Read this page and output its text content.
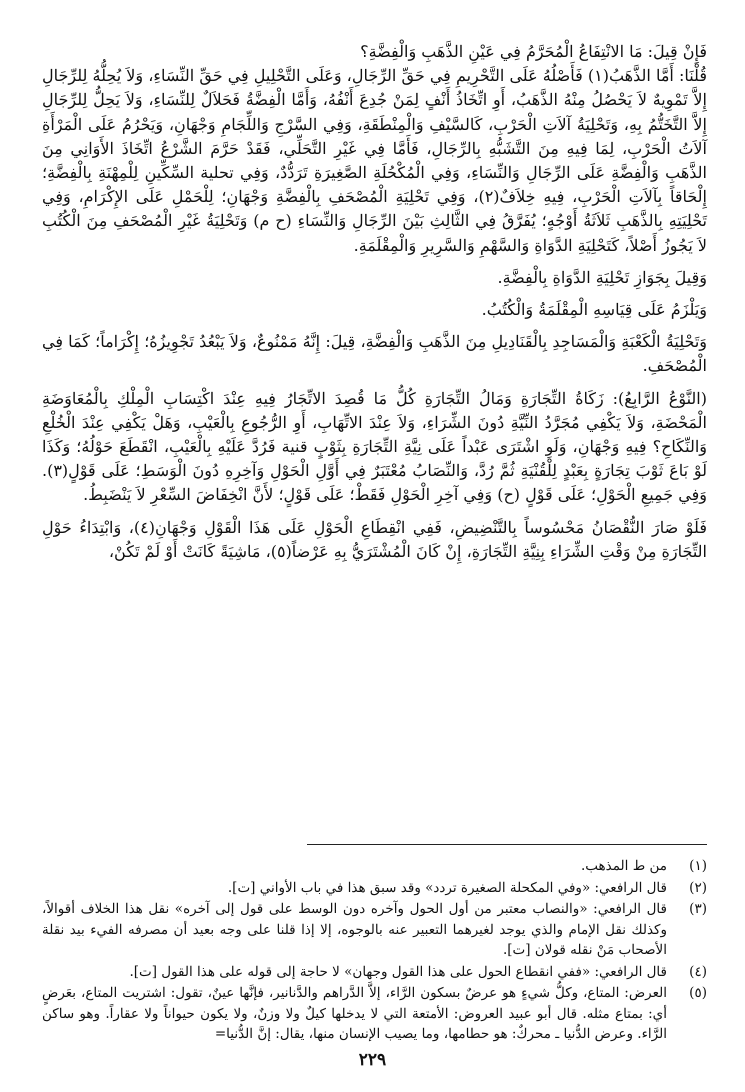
فَإِنْ قِيلَ: مَا الانْتِفَاعُ الْمُحَرَّمُ فِي عَيْنِ الذَّهَبِ وَالْفِضَّةِ؟

قُلْنَا: أَمَّا الذَّهَبُ(١) فَأَصْلُهُ عَلَى التَّحْرِيمِ فِي حَقِّ الرِّجَالِ، وَعَلَى التَّحْلِيلِ فِي حَقِّ النِّسَاءِ، وَلاَ يُحِلُّهُ لِلرِّجَالِ إِلاَّ تَمْوِيهٌ لاَ يَحْصُلُ مِنْهُ الذَّهَبُ، أَوِ اتِّخَاذُ أَنْفٍ لِمَنْ جُدِعَ أَنْفُهُ، وَأَمَّا الْفِضَّةُ فَحَلاَلٌ لِلنِّسَاءِ، وَلاَ يَحِلُّ لِلرِّجَالِ إِلاَّ التَّخَتُّمُ بِهِ، وَتَحْلِيَةُ آلاَتِ الْحَرْبِ، كَالسَّيْفِ وَالْمِنْطَقَةِ، وَفِي السَّرْجِ وَاللِّجَامِ وَجْهَانِ، وَيَحْرُمُ عَلَى الْمَرْأَةِ آلاَتُ الْحَرْبِ، لِمَا فِيهِ مِنَ التَّشَبُّهِ بِالرِّجَالِ، فَأَمَّا فِي غَيْرِ التَّحَلِّي، فَقَدْ حَرَّمَ الشَّرْعُ اتِّخَاذَ الأَوَانِي مِنَ الذَّهَبِ وَالْفِضَّةِ عَلَى الرِّجَالِ وَالنِّسَاءِ، وَفِي الْمُكْحُلَةِ الصَّغِيرَةِ تَرَدُّدٌ، وَفِي تحلية السِّكِّينِ لِلْمِهْنَةِ بِالْفِضَّةِ؛ إِلْحَاقاً بِآلاَتِ الْحَرْبِ، فِيهِ خِلاَفٌ(٢)، وَفِي تَحْلِيَةِ الْمُصْحَفِ بِالْفِضَّةِ وَجْهَانِ؛ لِلْحَمْلِ عَلَى الإِكْرَامِ، وَفِي تَحْلِيَتِهِ بِالذَّهَبِ ثَلاَثَةُ أَوْجُهٍ؛ يُفَرَّقُ فِي الثَّالِثِ بَيْنَ الرِّجَالِ وَالنِّسَاءِ (ح م) وَتَحْلِيَةُ غَيْرِ الْمُصْحَفِ مِنَ الْكُتُبِ لاَ يَجُوزُ أَصْلاً، كَتَحْلِيَةِ الدَّوَاةِ وَالسَّهْمِ وَالسَّرِيرِ وَالْمِقْلَمَةِ.

وَقِيلَ بِجَوَازِ تَحْلِيَةِ الدَّوَاةِ بِالْفِضَّةِ.

وَيَلْزَمُ عَلَى قِيَاسِهِ الْمِقْلَمَةُ وَالْكُتُبُ.

وَتَحْلِيَةُ الْكَعْبَةِ وَالْمَسَاجِدِ بِالْقَنَادِيلِ مِنَ الذَّهَبِ وَالْفِضَّةِ، قِيلَ: إِنَّهُ مَمْنُوعٌ، وَلاَ يَبْعُدُ تَجْوِيزُهُ؛ إِكْرَاماً؛ كَمَا فِي الْمُصْحَفِ.

(النَّوْعُ الرَّابِعُ): زَكَاةُ التِّجَارَةِ وَمَالُ التِّجَارَةِ كُلُّ مَا قُصِدَ الاتِّجَارُ فِيهِ عِنْدَ اكْتِسَابِ الْمِلْكِ بِالْمُعَاوَضَةِ الْمَحْضَةِ، وَلاَ يَكْفِي مُجَرَّدُ النِّيَّةِ دُونَ الشِّرَاءِ، وَلاَ عِنْدَ الاتِّهَابِ، أَوِ الرُّجُوعِ بِالْعَيْبِ، وَهَلْ يَكْفِي عِنْدَ الْخُلْعِ وَالنِّكَاحِ؟ فِيهِ وَجْهَانِ، وَلَوِ اشْتَرَى عَبْداً عَلَى نِيَّةِ التِّجَارَةِ بِثَوْبٍ قنية فَرُدَّ عَلَيْهِ بِالْعَيْبِ، انْقَطَعَ حَوْلُهُ؛ وَكَذَا لَوْ بَاعَ ثَوْبَ تِجَارَةٍ بِعَبْدٍ لِلْقُنْيَةِ ثُمَّ رُدَّ، وَالنِّصَابُ مُعْتَبَرٌ فِي أَوَّلِ الْحَوْلِ وَآخِرِهِ دُونَ الْوَسَطِ؛ عَلَى قَوْلٍ(٣). وَفِي جَمِيعِ الْحَوْلِ؛ عَلَى قَوْلٍ (ح) وَفِي آخِرِ الْحَوْلِ فَقَطْ؛ عَلَى قَوْلٍ؛ لأَنَّ انْخِفَاضَ السِّعْرِ لاَ يَنْضَبِطُ.

فَلَوْ صَارَ النُّقْصَانُ مَحْسُوساً بِالتَّنْضِيضِ، فَفِي انْقِطَاعِ الْحَوْلِ عَلَى هَذَا الْقَوْلِ وَجْهَانِ(٤)، وَابْتِدَاءُ حَوْلِ التِّجَارَةِ مِنْ وَقْتِ الشِّرَاءِ بِنِيَّةِ التِّجَارَةِ، إِنْ كَانَ الْمُشْتَرَيُّ بِهِ عَرْضاً(٥)، مَاشِيَةً كَانَتْ أَوْ لَمْ تَكُنْ،

(١)
من ط المذهب.
(٢)
قال الرافعي: «وفي المكحلة الصغيرة تردد» وقد سبق هذا في باب الأواني [ت].
(٣)
قال الرافعي: «والنصاب معتبر من أول الحول وآخره دون الوسط على قول إلى آخره» نقل هذا الخلاف أقوالاً، وكذلك نقل الإمام والذي يوجد لغيرهما التعبير عنه بالوجوه، إلا إذا قلنا على وجه بعيد أن مصرفه الفيء بيد نقلة الأصحاب مَنْ نقله قولان [ت].
(٤)
قال الرافعي: «ففي انقطاع الحول على هذا القول وجهان» لا حاجة إلى قوله على هذا القول [ت].
(٥)
العرض: المتاع، وكلُّ شيءٍ هو عرضٌ بسكون الرَّاء، إلاَّ الدَّراهم والدَّنانير، فإنَّها عينٌ، تقول: اشتريت المتاع، بعَرضٍ أي: بمتاع مثله. قال أبو عبيد العروض: الأمتعة التي لا يدخلها كيلٌ ولا وزنٌ، ولا يكون حيواناً ولا عقاراً. وهو ساكن الرَّاء. وعرض الدُّنيا ـ محركٌ: هو حطامها، وما يصيب الإنسان منها، يقال: إنَّ الدُّنيا=
٢٢٩
